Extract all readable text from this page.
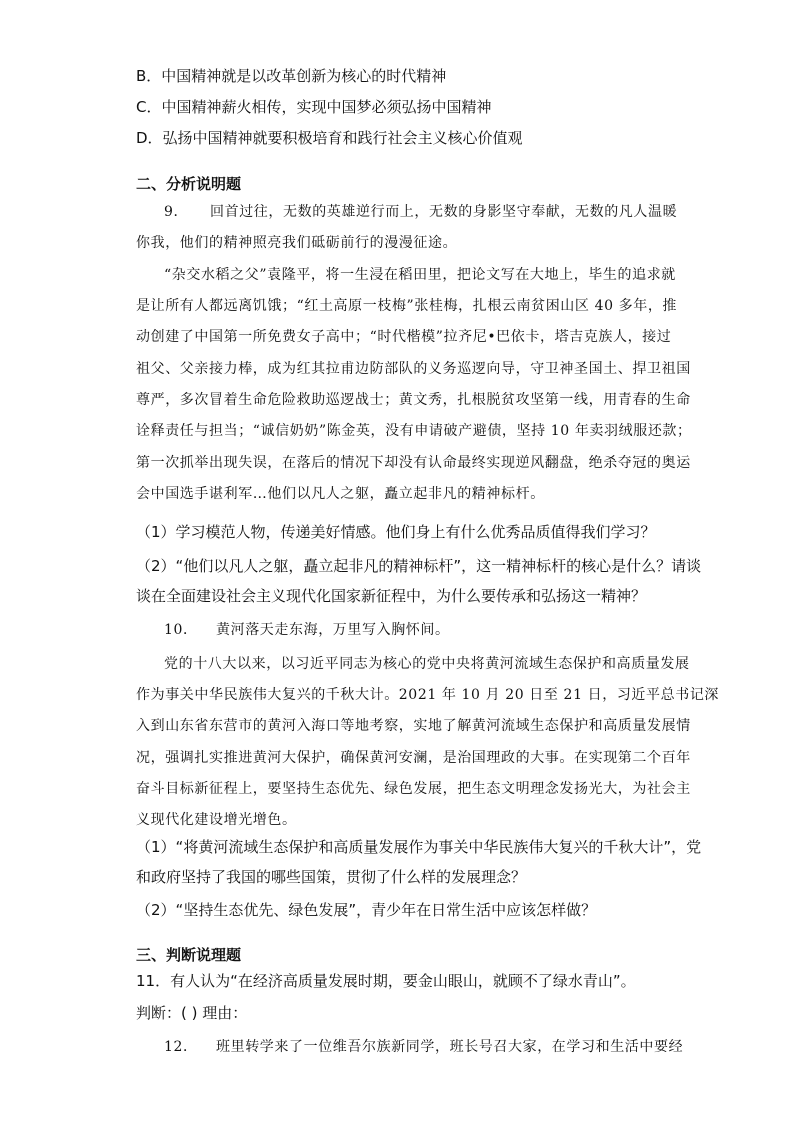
B．中国精神就是以改革创新为核心的时代精神
C．中国精神薪火相传，实现中国梦必须弘扬中国精神
D．弘扬中国精神就要积极培育和践行社会主义核心价值观
二、分析说明题
9． 回首过往，无数的英雄逆行而上，无数的身影坚守奉献，无数的凡人温暖
你我，他们的精神照亮我们砥砺前行的漫漫征途。
“杂交水稻之父”袁隆平，将一生浸在稻田里，把论文写在大地上，毕生的追求就
是让所有人都远离饥饿；“红土高原一枝梅”张桂梅，扎根云南贫困山区 40 多年，推
动创建了中国第一所免费女子高中；“时代楷模”拉齐尼•巴依卡，塔吉克族人，接过
祖父、父亲接力棒，成为红其拉甫边防部队的义务巡逻向导，守卫神圣国土、捍卫祖国
尊严，多次冒着生命危险救助巡逻战士；黄文秀，扎根脱贫攻坚第一线，用青春的生命
诠释责任与担当；“诚信奶奶”陈金英，没有申请破产避债，坚持 10 年卖羽绒服还款；
第一次抓举出现失误，在落后的情况下却没有认命最终实现逆风翻盘，绝杀夺冠的奥运
会中国选手谌利军…他们以凡人之躯，矗立起非凡的精神标杆。
（1）学习模范人物，传递美好情感。他们身上有什么优秀品质值得我们学习？
（2）“他们以凡人之躯，矗立起非凡的精神标杆”，这一精神标杆的核心是什么？请谈
谈在全面建设社会主义现代化国家新征程中，为什么要传承和弘扬这一精神？
10． 黄河落天走东海，万里写入胸怀间。
党的十八大以来，以习近平同志为核心的党中央将黄河流域生态保护和高质量发展
作为事关中华民族伟大复兴的千秋大计。2021 年 10 月 20 日至 21 日，习近平总书记深
入到山东省东营市的黄河入海口等地考察，实地了解黄河流域生态保护和高质量发展情
况，强调扎实推进黄河大保护，确保黄河安澜，是治国理政的大事。在实现第二个百年
奋斗目标新征程上，要坚持生态优先、绿色发展，把生态文明理念发扬光大，为社会主
义现代化建设增光增色。
（1）“将黄河流域生态保护和高质量发展作为事关中华民族伟大复兴的千秋大计”，党
和政府坚持了我国的哪些国策，贯彻了什么样的发展理念？
（2）“坚持生态优先、绿色发展”，青少年在日常生活中应该怎样做？
三、判断说理题
11．有人认为“在经济高质量发展时期，要金山眼山，就顾不了绿水青山”。
判断：( ) 理由：
12． 班里转学来了一位维吾尔族新同学，班长号召大家，在学习和生活中要经
